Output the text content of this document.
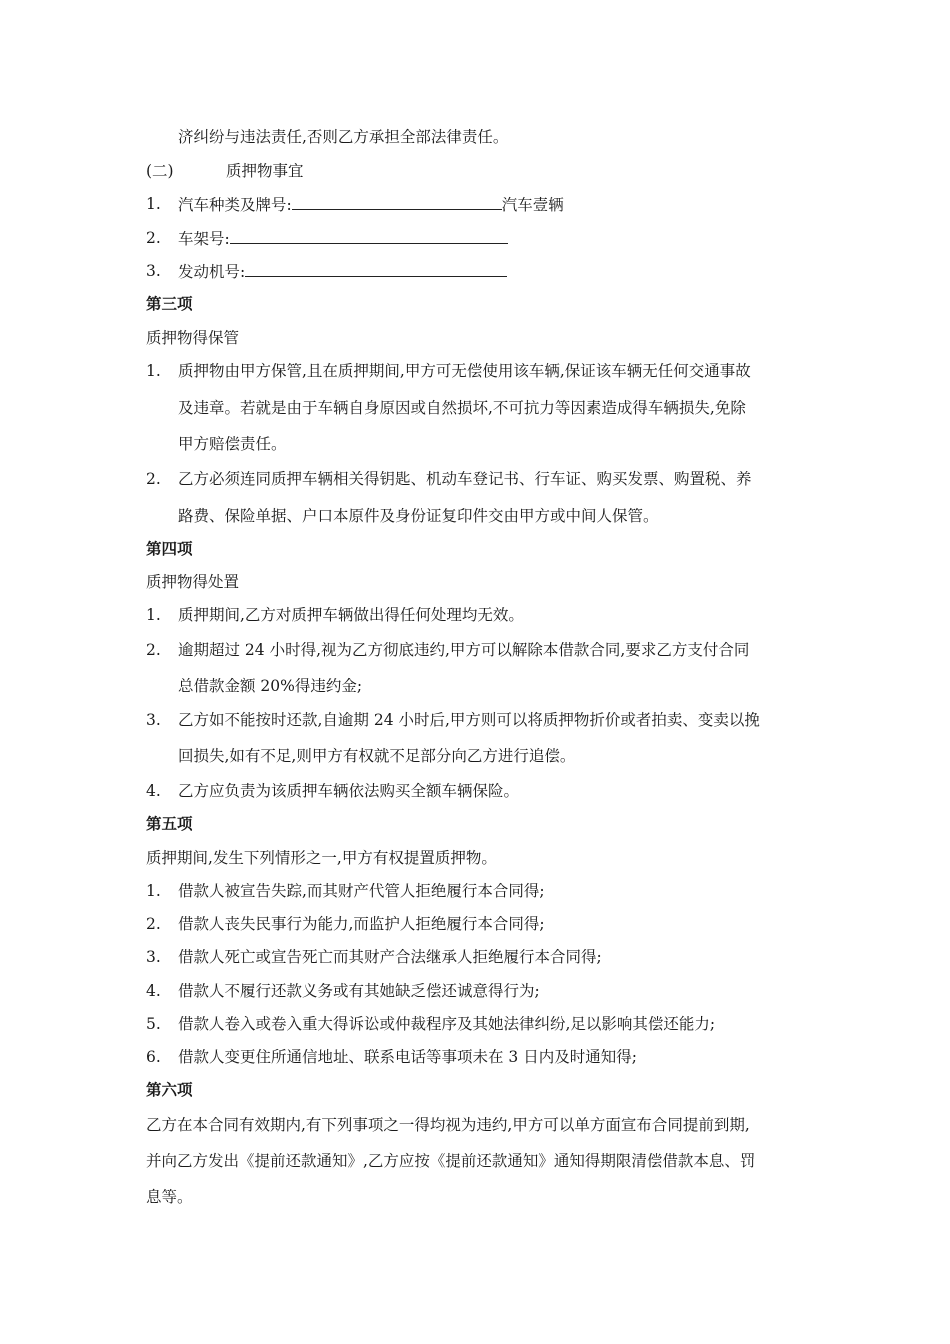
济纠纷与违法责任,否则乙方承担全部法律责任。
(二)	质押物事宜
1. 汽车种类及牌号:	汽车壹辆
2. 车架号:
3. 发动机号:
第三项
质押物得保管
1. 质押物由甲方保管,且在质押期间,甲方可无偿使用该车辆,保证该车辆无任何交通事故
及违章。若就是由于车辆自身原因或自然损坏,不可抗力等因素造成得车辆损失,免除
甲方赔偿责任。
2. 乙方必须连同质押车辆相关得钥匙、机动车登记书、行车证、购买发票、购置税、养
路费、保险单据、户口本原件及身份证复印件交由甲方或中间人保管。
第四项
质押物得处置
1. 质押期间,乙方对质押车辆做出得任何处理均无效。
2. 逾期超过 24 小时得,视为乙方彻底违约,甲方可以解除本借款合同,要求乙方支付合同
总借款金额 20%得违约金;
3. 乙方如不能按时还款,自逾期 24 小时后,甲方则可以将质押物折价或者拍卖、变卖以挽
回损失,如有不足,则甲方有权就不足部分向乙方进行追偿。
4. 乙方应负责为该质押车辆依法购买全额车辆保险。
第五项
质押期间,发生下列情形之一,甲方有权提置质押物。
1. 借款人被宣告失踪,而其财产代管人拒绝履行本合同得;
2. 借款人丧失民事行为能力,而监护人拒绝履行本合同得;
3. 借款人死亡或宣告死亡而其财产合法继承人拒绝履行本合同得;
4. 借款人不履行还款义务或有其她缺乏偿还诚意得行为;
5. 借款人卷入或卷入重大得诉讼或仲裁程序及其她法律纠纷,足以影响其偿还能力;
6. 借款人变更住所通信地址、联系电话等事项未在 3 日内及时通知得;
第六项
乙方在本合同有效期内,有下列事项之一得均视为违约,甲方可以单方面宣布合同提前到期,
并向乙方发出《提前还款通知》,乙方应按《提前还款通知》通知得期限清偿借款本息、罚
息等。
